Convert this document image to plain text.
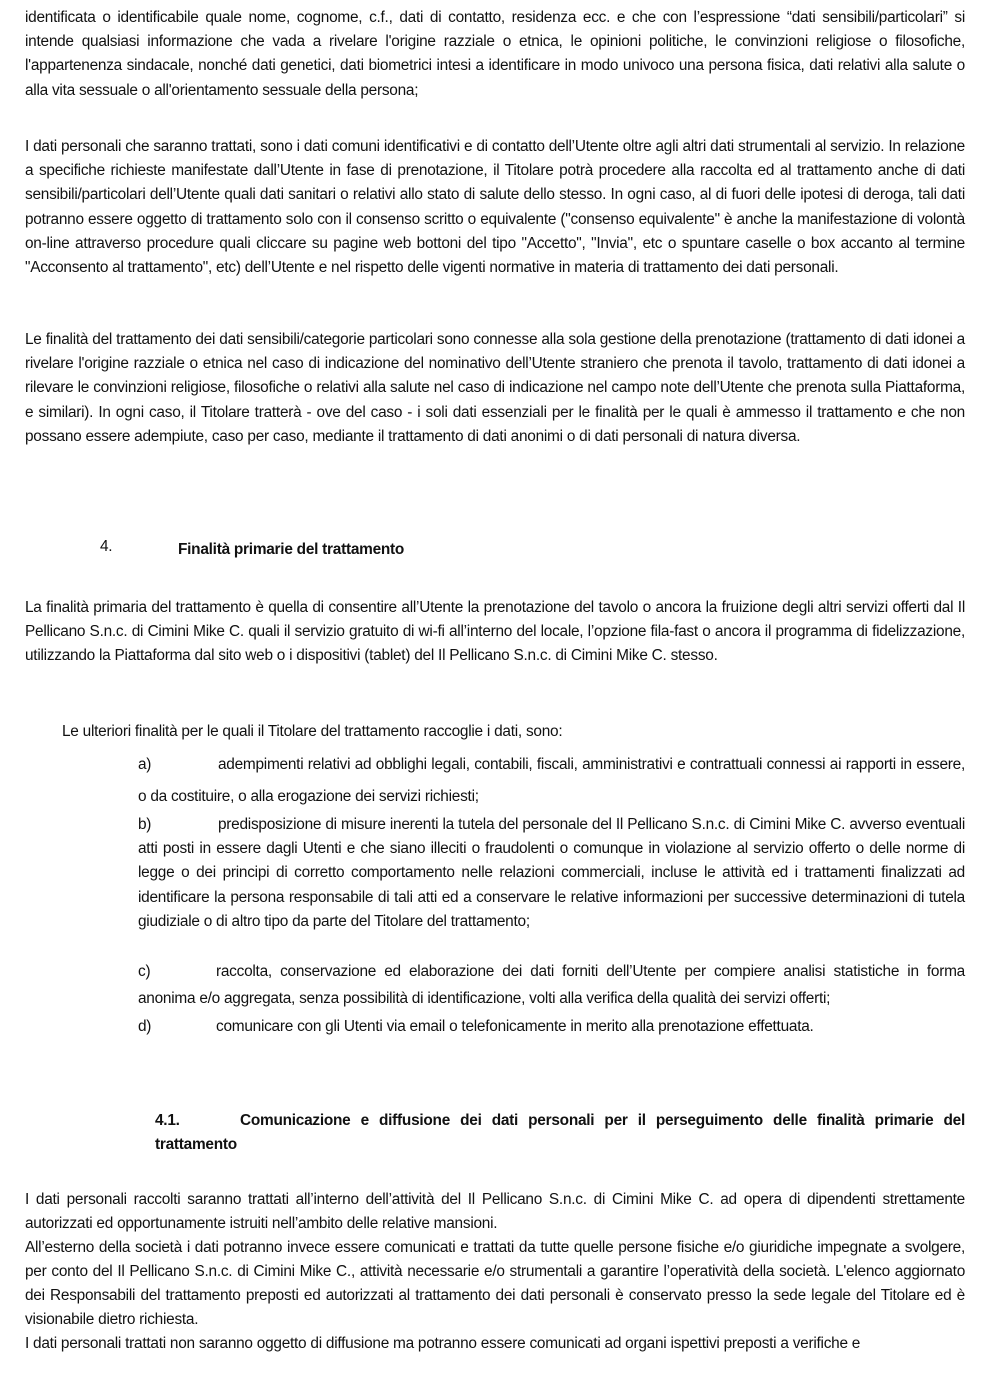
identificata o identificabile quale nome, cognome, c.f., dati di contatto, residenza ecc. e che con l’espressione “dati sensibili/particolari” si intende qualsiasi informazione che vada a rivelare l'origine razziale o etnica, le opinioni politiche, le convinzioni religiose o filosofiche, l'appartenenza sindacale, nonché dati genetici, dati biometrici intesi a identificare in modo univoco una persona fisica, dati relativi alla salute o alla vita sessuale o all'orientamento sessuale della persona;

I dati personali che saranno trattati, sono i dati comuni identificativi e di contatto dell’Utente oltre agli altri dati strumentali al servizio. In relazione a specifiche richieste manifestate dall’Utente in fase di prenotazione, il Titolare potrà procedere alla raccolta ed al trattamento anche di dati sensibili/particolari dell’Utente quali dati sanitari o relativi allo stato di salute dello stesso. In ogni caso, al di fuori delle ipotesi di deroga, tali dati potranno essere oggetto di trattamento solo con il consenso scritto o equivalente ("consenso equivalente" è anche la manifestazione di volontà on-line attraverso procedure quali cliccare su pagine web bottoni del tipo "Accetto", "Invia", etc o spuntare caselle o box accanto al termine "Acconsento al trattamento", etc) dell’Utente e nel rispetto delle vigenti normative in materia di trattamento dei dati personali.

Le finalità del trattamento dei dati sensibili/categorie particolari sono connesse alla sola gestione della prenotazione (trattamento di dati idonei a rivelare l'origine razziale o etnica nel caso di indicazione del nominativo dell’Utente straniero che prenota il tavolo, trattamento di dati idonei a rilevare le convinzioni religiose, filosofiche o relativi alla salute nel caso di indicazione nel campo note dell’Utente che prenota sulla Piattaforma, e similari). In ogni caso, il Titolare tratterà - ove del caso - i soli dati essenziali per le finalità per le quali è ammesso il trattamento e che non possano essere adempiute, caso per caso, mediante il trattamento di dati anonimi o di dati personali di natura diversa.

4.	Finalità primarie del trattamento

La finalità primaria del trattamento è quella di consentire all’Utente la prenotazione del tavolo o ancora la fruizione degli altri servizi offerti dal Il Pellicano S.n.c. di Cimini Mike C. quali il servizio gratuito di wi-fi all’interno del locale, l’opzione fila-fast o ancora il programma di fidelizzazione, utilizzando la Piattaforma dal sito web o i dispositivi (tablet) del Il Pellicano S.n.c. di Cimini Mike C. stesso.

Le ulteriori finalità per le quali il Titolare del trattamento raccoglie i dati, sono:

a)	adempimenti relativi ad obblighi legali, contabili, fiscali, amministrativi e contrattuali connessi ai rapporti in essere, o da costituire, o alla erogazione dei servizi richiesti;

b)	predisposizione di misure inerenti la tutela del personale del Il Pellicano S.n.c. di Cimini Mike C. avverso eventuali atti posti in essere dagli Utenti e che siano illeciti o fraudolenti o comunque in violazione al servizio offerto o delle norme di legge o dei principi di corretto comportamento nelle relazioni commerciali, incluse le attività ed i trattamenti finalizzati ad identificare la persona responsabile di tali atti ed a conservare le relative informazioni per successive determinazioni di tutela giudiziale o di altro tipo da parte del Titolare del trattamento;

c)	raccolta, conservazione ed elaborazione dei dati forniti dell’Utente per compiere analisi statistiche in forma anonima e/o aggregata, senza possibilità di identificazione, volti alla verifica della qualità dei servizi offerti;

d)	comunicare con gli Utenti via email o telefonicamente in merito alla prenotazione effettuata.

4.1.	Comunicazione e diffusione dei dati personali per il perseguimento delle finalità primarie del trattamento

I dati personali raccolti saranno trattati all’interno dell’attività del Il Pellicano S.n.c. di Cimini Mike C. ad opera di dipendenti strettamente autorizzati ed opportunamente istruiti nell’ambito delle relative mansioni.

All’esterno della società i dati potranno invece essere comunicati e trattati da tutte quelle persone fisiche e/o giuridiche impegnate a svolgere, per conto del Il Pellicano S.n.c. di Cimini Mike C., attività necessarie e/o strumentali a garantire l’operatività della società. L'elenco aggiornato dei Responsabili del trattamento preposti ed autorizzati al trattamento dei dati personali è conservato presso la sede legale del Titolare ed è visionabile dietro richiesta.

I dati personali trattati non saranno oggetto di diffusione ma potranno essere comunicati ad organi ispettivi preposti a verifiche e
